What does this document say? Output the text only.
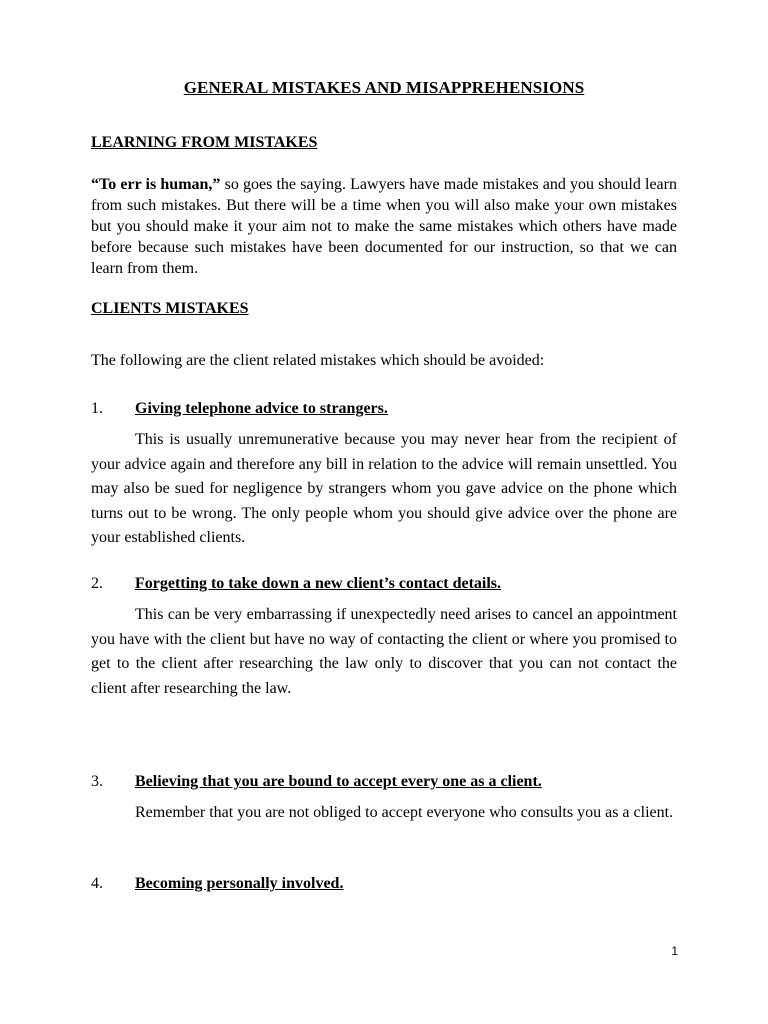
GENERAL MISTAKES AND MISAPPREHENSIONS
LEARNING FROM MISTAKES
“To err is human,” so goes the saying. Lawyers have made mistakes and you should learn from such mistakes. But there will be a time when you will also make your own mistakes but you should make it your aim not to make the same mistakes which others have made before because such mistakes have been documented for our instruction, so that we can learn from them.
CLIENTS MISTAKES
The following are the client related mistakes which should be avoided:
1. Giving telephone advice to strangers.
This is usually unremunerative because you may never hear from the recipient of your advice again and therefore any bill in relation to the advice will remain unsettled. You may also be sued for negligence by strangers whom you gave advice on the phone which turns out to be wrong. The only people whom you should give advice over the phone are your established clients.
2. Forgetting to take down a new client’s contact details.
This can be very embarrassing if unexpectedly need arises to cancel an appointment you have with the client but have no way of contacting the client or where you promised to get to the client after researching the law only to discover that you can not contact the client after researching the law.
3. Believing that you are bound to accept every one as a client.
Remember that you are not obliged to accept everyone who consults you as a client.
4. Becoming personally involved.
1
